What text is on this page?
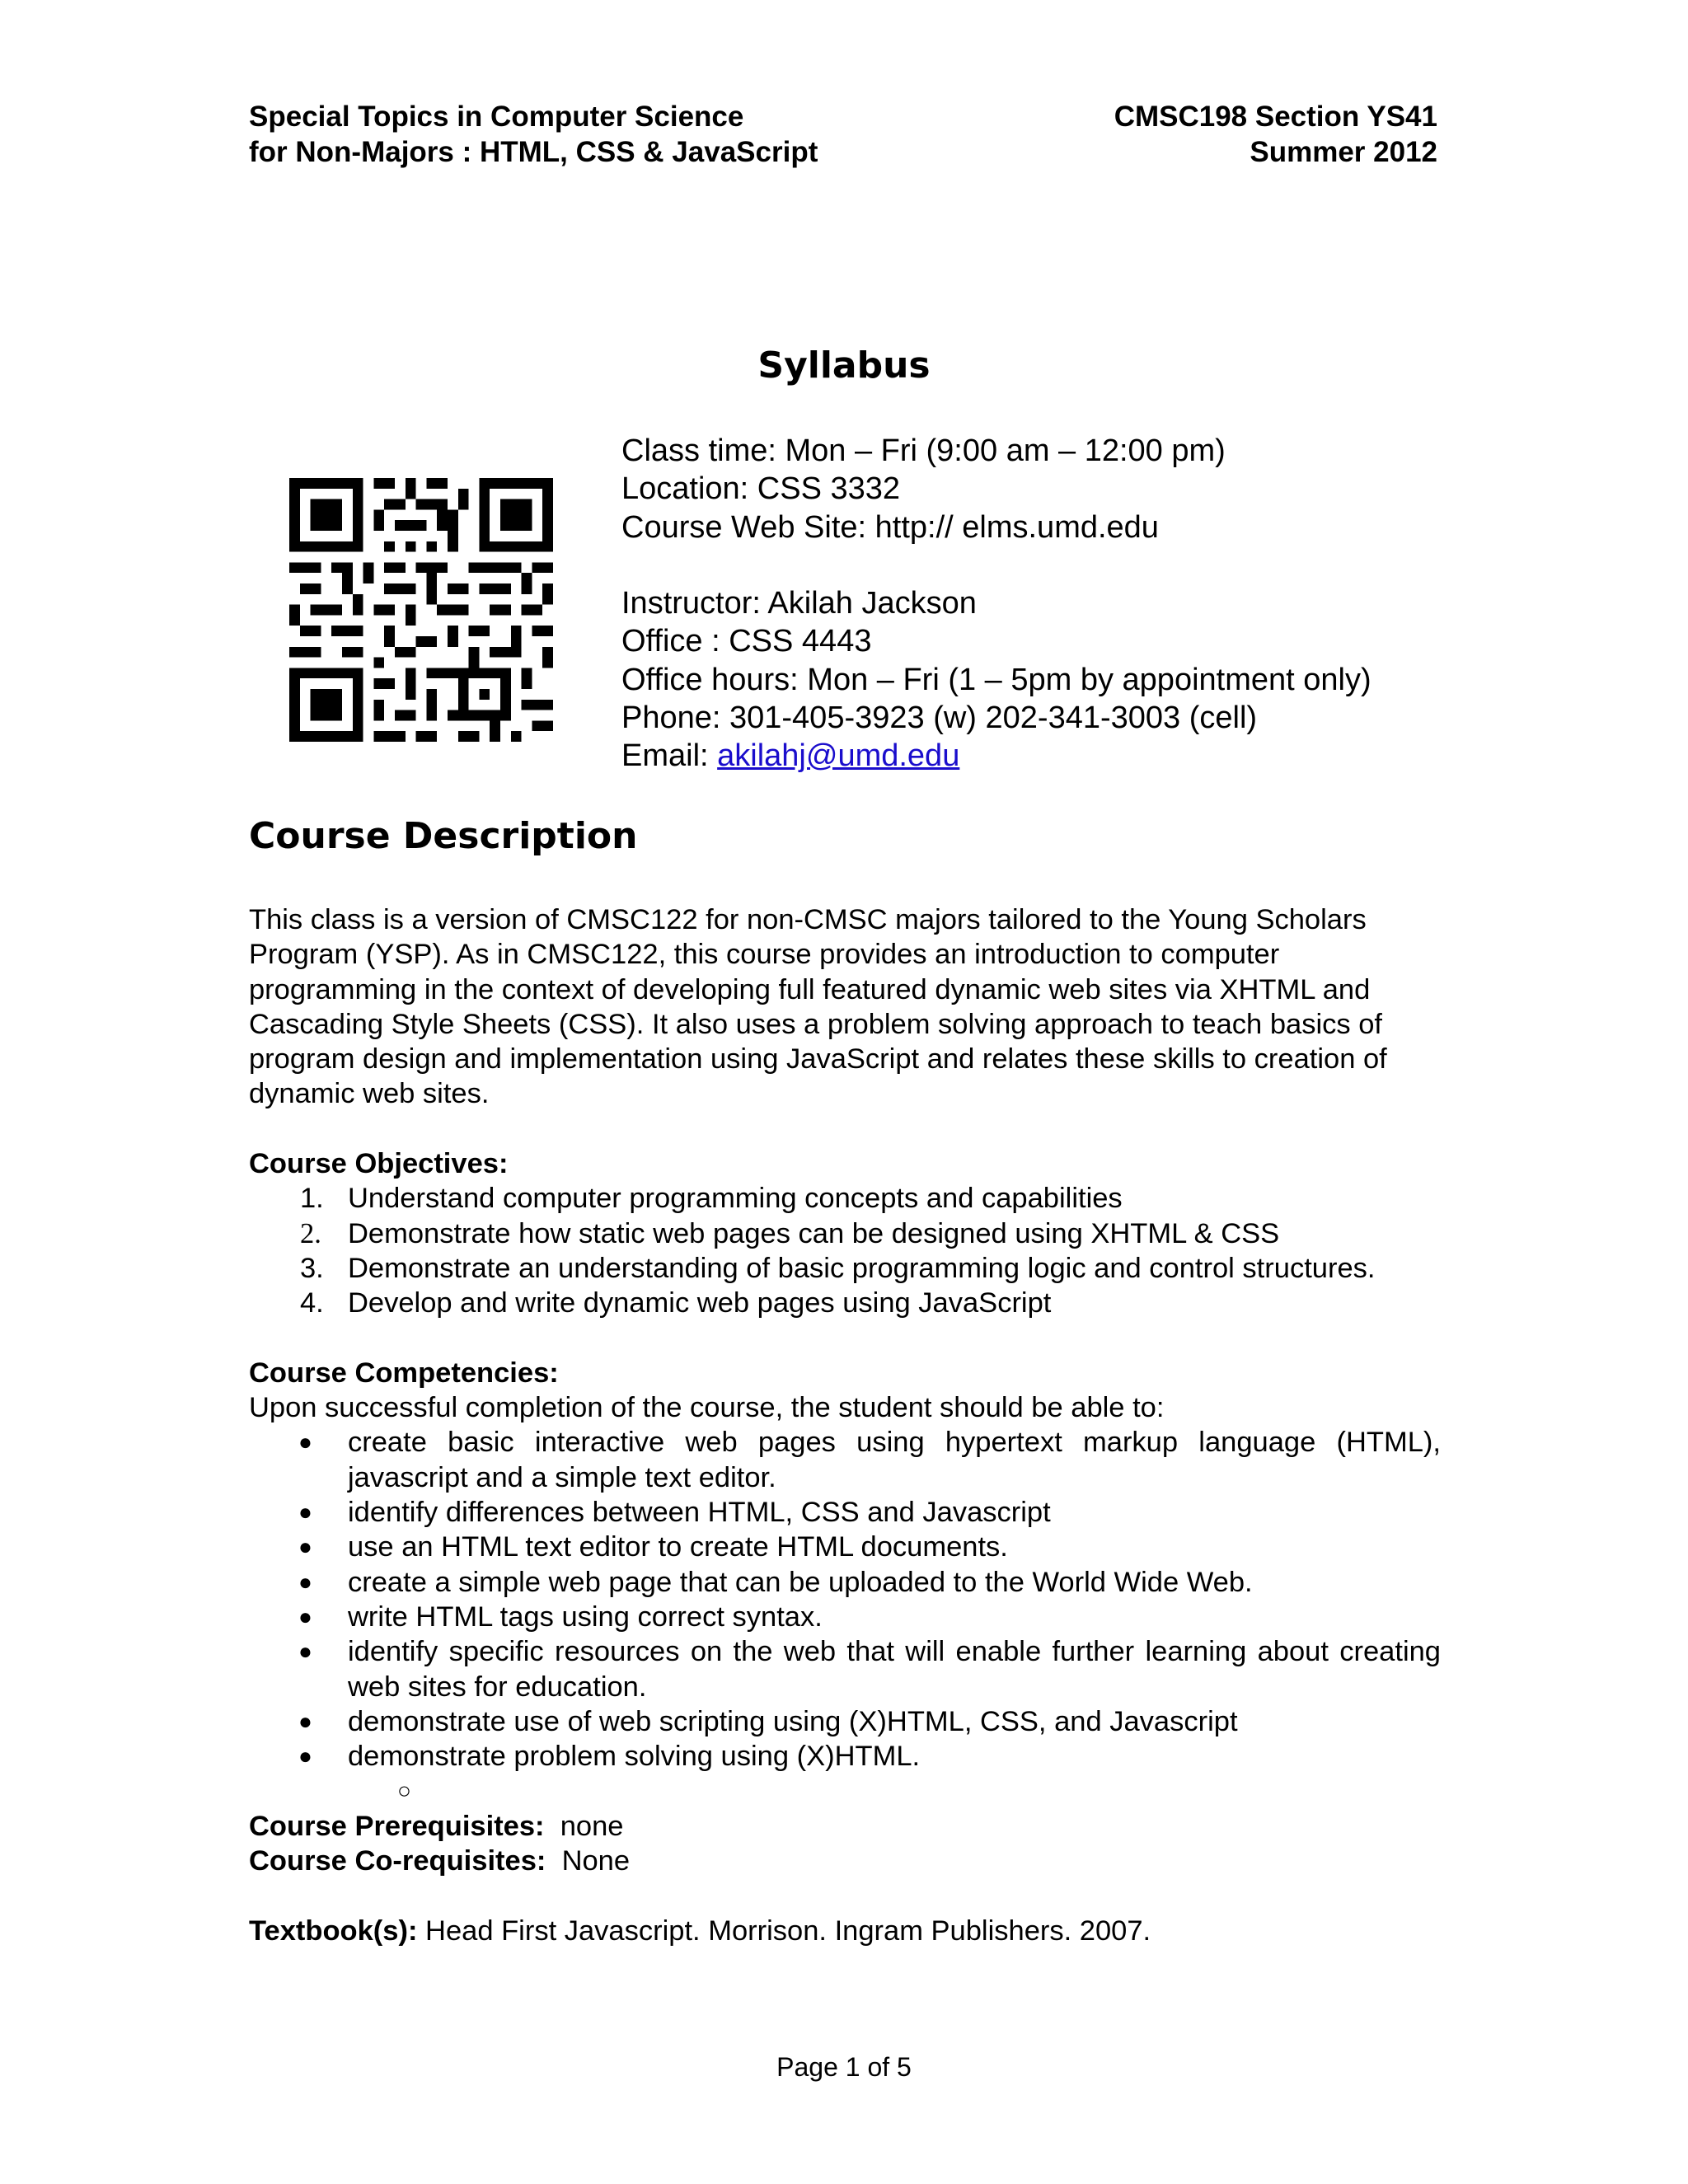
Special Topics in Computer Science
for Non-Majors : HTML, CSS & JavaScript
CMSC198 Section YS41
Summer 2012
Syllabus
Class time: Mon – Fri (9:00 am – 12:00 pm)
Location: CSS 3332
Course Web Site: http:// elms.umd.edu
Instructor: Akilah Jackson
Office : CSS 4443
Office hours: Mon – Fri (1 – 5pm by appointment only)
Phone: 301-405-3923 (w) 202-341-3003 (cell)
Email: akilahj@umd.edu
Course Description

This class is a version of CMSC122 for non-CMSC majors tailored to the Young Scholars Program (YSP). As in CMSC122, this course provides an introduction to computer programming in the context of developing full featured dynamic web sites via XHTML and Cascading Style Sheets (CSS). It also uses a problem solving approach to teach basics of program design and implementation using JavaScript and relates these skills to creation of dynamic web sites.

Course Objectives:

1. Understand computer programming concepts and capabilities
2. Demonstrate how static web pages can be designed using XHTML & CSS
3. Demonstrate an understanding of basic programming logic and control structures.
4. Develop and write dynamic web pages using JavaScript

Course Competencies:

Upon successful completion of the course, the student should be able to:

● create basic interactive web pages using hypertext markup language (HTML), javascript and a simple text editor.
● identify differences between HTML, CSS and Javascript
● use an HTML text editor to create HTML documents.
● create a simple web page that can be uploaded to the World Wide Web.
● write HTML tags using correct syntax.
● identify specific resources on the web that will enable further learning about creating web sites for education.
● demonstrate use of web scripting using (X)HTML, CSS, and Javascript
● demonstrate problem solving using (X)HTML.
○

Course Prerequisites:  none

Course Co-requisites:  None

Textbook(s): Head First Javascript. Morrison. Ingram Publishers. 2007.

Page 1 of 5
